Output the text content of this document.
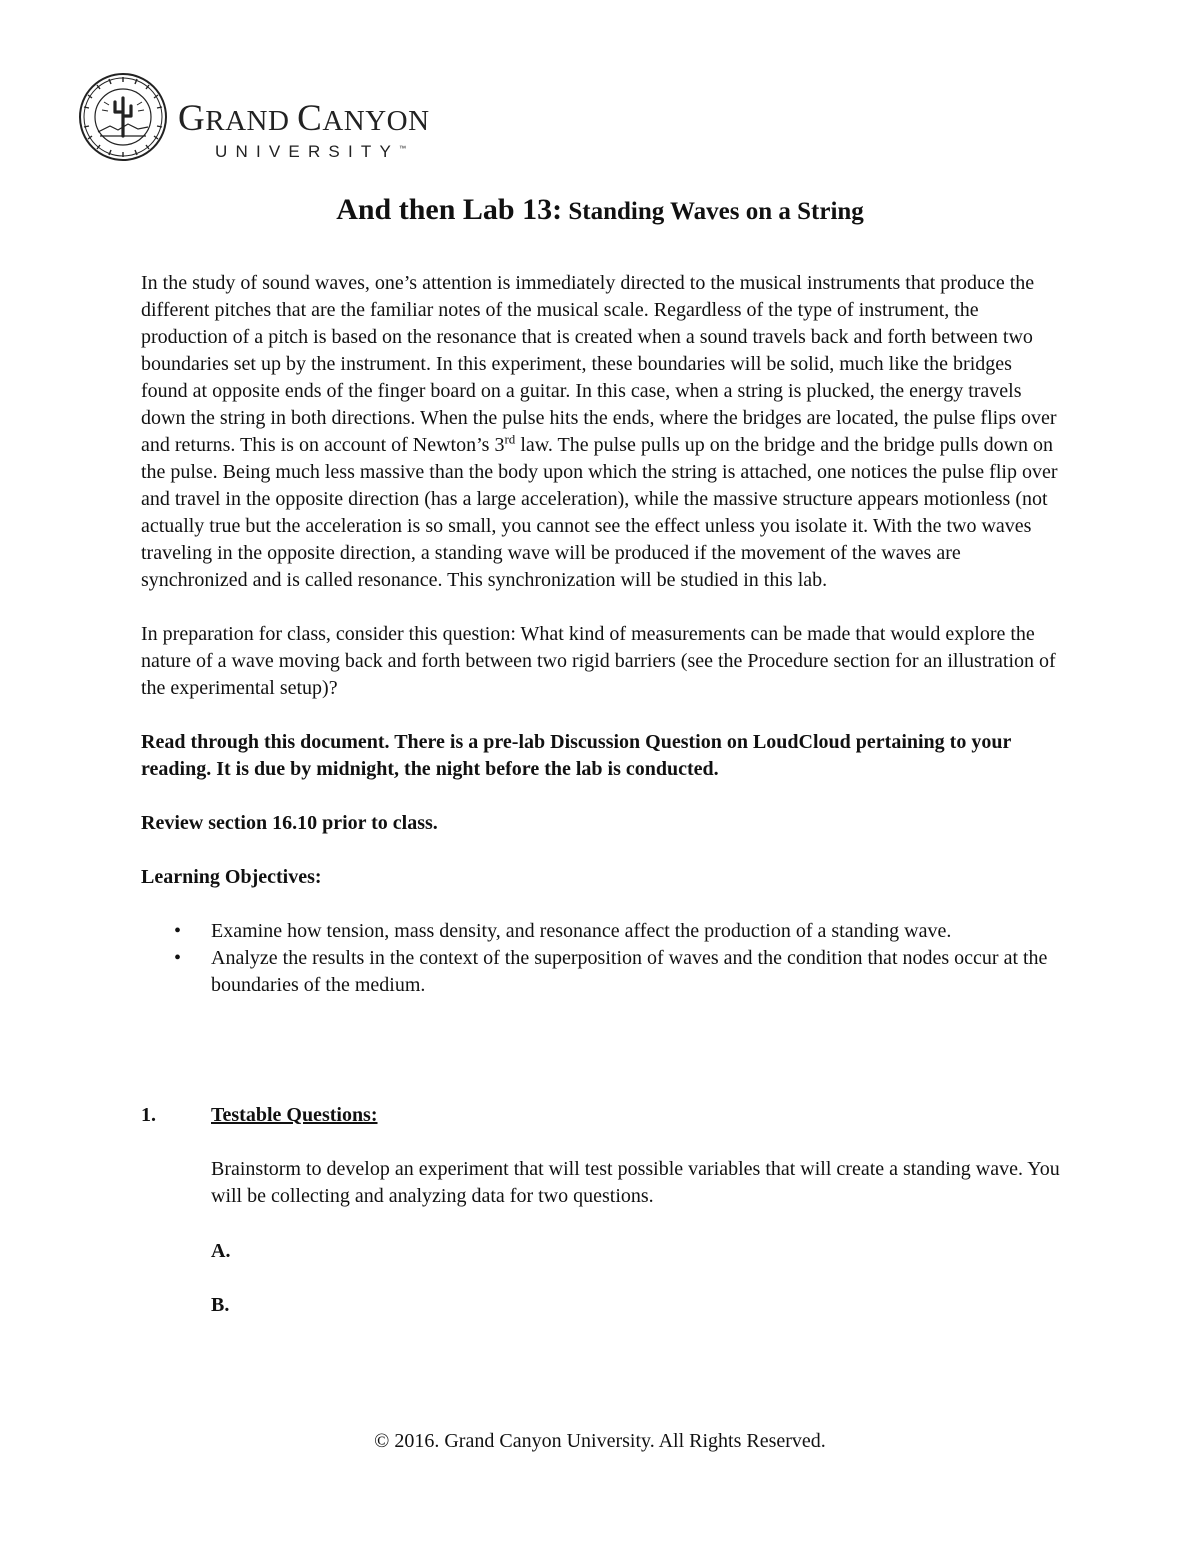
GRAND CANYON
UNIVERSITY™
And then Lab 13: Standing Waves on a String

In the study of sound waves, one’s attention is immediately directed to the musical instruments that produce the different pitches that are the familiar notes of the musical scale. Regardless of the type of instrument, the production of a pitch is based on the resonance that is created when a sound travels back and forth between two boundaries set up by the instrument. In this experiment, these boundaries will be solid, much like the bridges found at opposite ends of the finger board on a guitar. In this case, when a string is plucked, the energy travels down the string in both directions. When the pulse hits the ends, where the bridges are located, the pulse flips over and returns. This is on account of Newton’s 3rd law. The pulse pulls up on the bridge and the bridge pulls down on the pulse. Being much less massive than the body upon which the string is attached, one notices the pulse flip over and travel in the opposite direction (has a large acceleration), while the massive structure appears motionless (not actually true but the acceleration is so small, you cannot see the effect unless you isolate it. With the two waves traveling in the opposite direction, a standing wave will be produced if the movement of the waves are synchronized and is called resonance. This synchronization will be studied in this lab.

In preparation for class, consider this question: What kind of measurements can be made that would explore the nature of a wave moving back and forth between two rigid barriers (see the Procedure section for an illustration of the experimental setup)?

Read through this document. There is a pre-lab Discussion Question on LoudCloud pertaining to your reading. It is due by midnight, the night before the lab is conducted.

Review section 16.10 prior to class.

Learning Objectives:

• Examine how tension, mass density, and resonance affect the production of a standing wave.
• Analyze the results in the context of the superposition of waves and the condition that nodes occur at the boundaries of the medium.
1.	Testable Questions:
Brainstorm to develop an experiment that will test possible variables that will create a standing wave. You will be collecting and analyzing data for two questions.
A.
B.
© 2016. Grand Canyon University. All Rights Reserved.
